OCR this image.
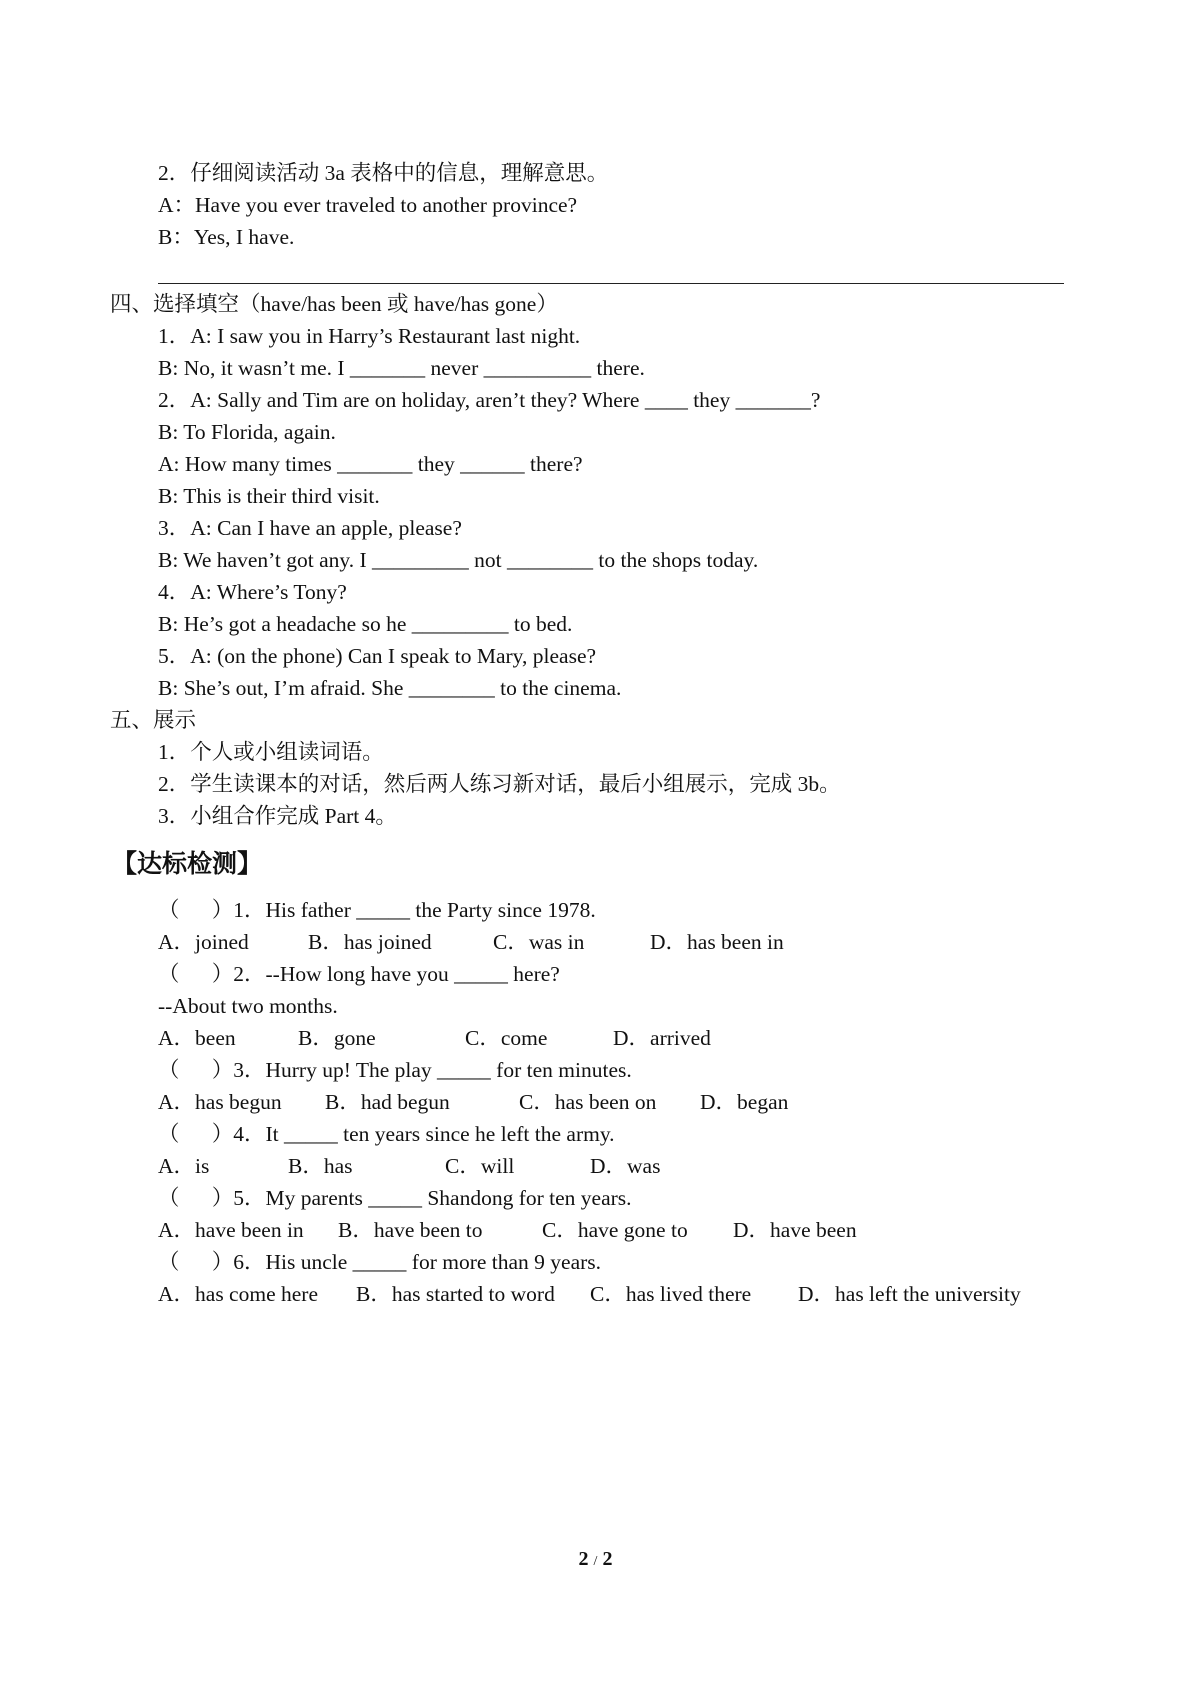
2．仔细阅读活动 3a 表格中的信息，理解意思。
A：Have you ever traveled to another province?
B：Yes, I have.
四、选择填空（have/has been 或 have/has gone）
1．A: I saw you in Harry’s Restaurant last night.
B: No, it wasn’t me. I _______ never __________ there.
2．A: Sally and Tim are on holiday, aren’t they? Where ____ they _______?
B: To Florida, again.
A: How many times _______ they ______ there?
B: This is their third visit.
3．A: Can I have an apple, please?
B: We haven’t got any. I _________ not ________ to the shops today.
4．A: Where’s Tony?
B: He’s got a headache so he _________ to bed.
5．A: (on the phone) Can I speak to Mary, please?
B: She’s out, I’m afraid. She ________ to the cinema.
五、展示
1．个人或小组读词语。
2．学生读课本的对话，然后两人练习新对话，最后小组展示，完成 3b。
3．小组合作完成 Part 4。
【达标检测】
（      ）1．His father _____ the Party since 1978.

A．joined

	B．has joined

	C．was in

	D．has been in

（      ）2．--How long have you _____ here?
--About two months.

A．been

	B．gone

	C．come

	D．arrived

（      ）3．Hurry up! The play _____ for ten minutes.

A．has begun

B．had begun

	C．has been on

D．began

（      ）4．It _____ ten years since he left the army.

A．is

	B．has

	C．will

	D．was

（      ）5．My parents _____ Shandong for ten years.

A．have been in

B．have been to

	C．have gone to

D．have been

（      ）6．His uncle _____ for more than 9 years.

A．has come here

B．has started to word

C．has lived there

D．has left the university

2 / 2
